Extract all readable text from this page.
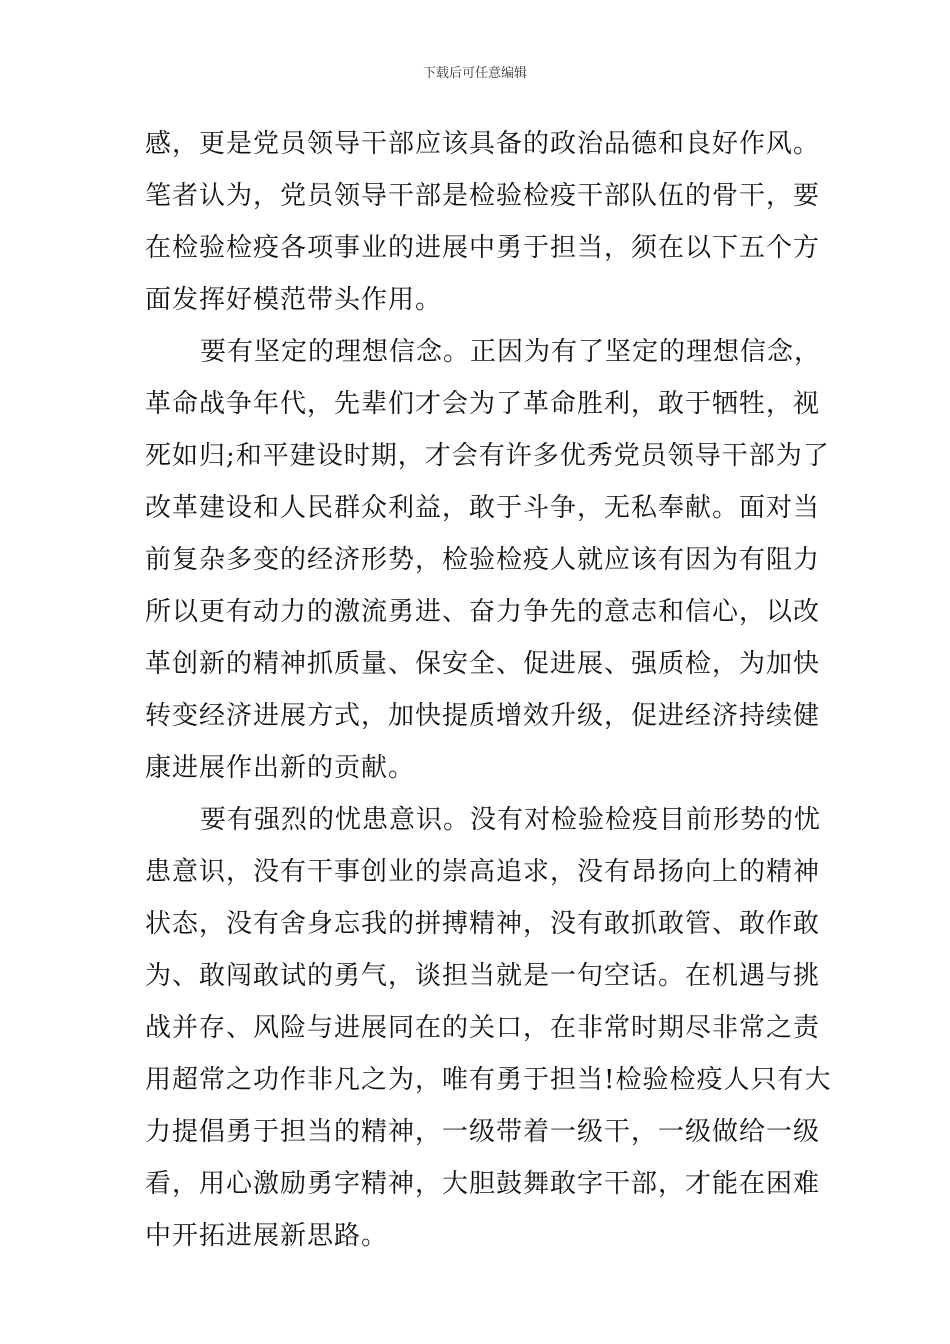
下载后可任意编辑
感，更是党员领导干部应该具备的政治品德和良好作风。
笔者认为，党员领导干部是检验检疫干部队伍的骨干，要
在检验检疫各项事业的进展中勇于担当，须在以下五个方
面发挥好模范带头作用。
要有坚定的理想信念。正因为有了坚定的理想信念，
革命战争年代，先辈们才会为了革命胜利，敢于牺牲，视
死如归;和平建设时期，才会有许多优秀党员领导干部为了
改革建设和人民群众利益，敢于斗争，无私奉献。面对当
前复杂多变的经济形势，检验检疫人就应该有因为有阻力
所以更有动力的激流勇进、奋力争先的意志和信心，以改
革创新的精神抓质量、保安全、促进展、强质检，为加快
转变经济进展方式，加快提质增效升级，促进经济持续健
康进展作出新的贡献。
要有强烈的忧患意识。没有对检验检疫目前形势的忧
患意识，没有干事创业的崇高追求，没有昂扬向上的精神
状态，没有舍身忘我的拼搏精神，没有敢抓敢管、敢作敢
为、敢闯敢试的勇气，谈担当就是一句空话。在机遇与挑
战并存、风险与进展同在的关口，在非常时期尽非常之责
用超常之功作非凡之为，唯有勇于担当!检验检疫人只有大
力提倡勇于担当的精神，一级带着一级干，一级做给一级
看，用心激励勇字精神，大胆鼓舞敢字干部，才能在困难
中开拓进展新思路。
